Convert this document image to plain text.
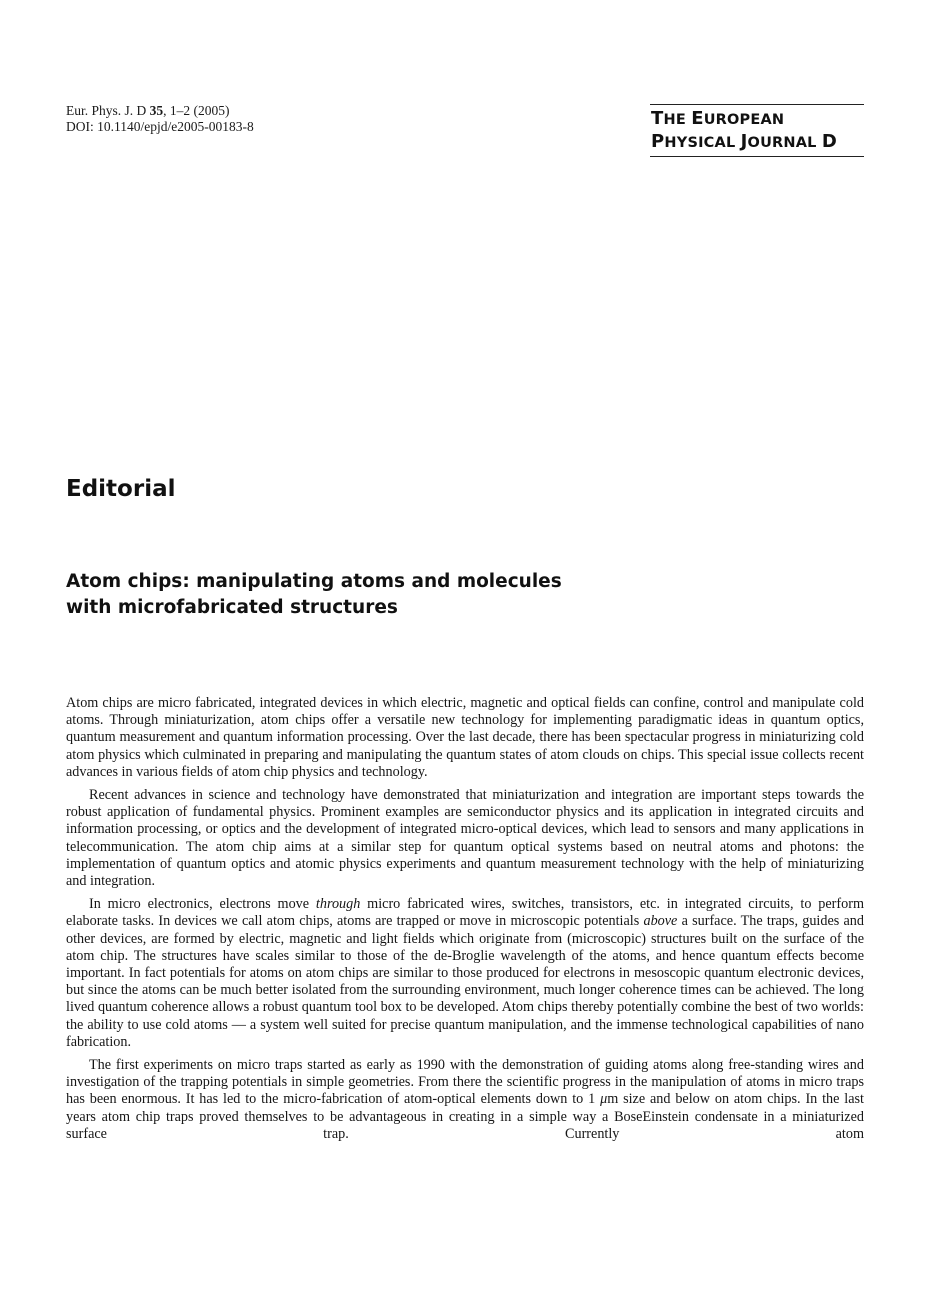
Eur. Phys. J. D 35, 1–2 (2005)
DOI: 10.1140/epjd/e2005-00183-8	THE EUROPEAN
PHYSICAL JOURNAL D
Editorial
Atom chips: manipulating atoms and molecules
with microfabricated structures

Atom chips are micro fabricated, integrated devices in which electric, magnetic and optical fields can confine, control and manipulate cold atoms. Through miniaturization, atom chips offer a versatile new technology for implementing paradigmatic ideas in quantum optics, quantum measurement and quantum information processing. Over the last decade, there has been spectacular progress in miniaturizing cold atom physics which culminated in preparing and manipulating the quantum states of atom clouds on chips. This special issue collects recent advances in various fields of atom chip physics and technology.

Recent advances in science and technology have demonstrated that miniaturization and integration are important steps towards the robust application of fundamental physics. Prominent examples are semiconductor physics and its application in integrated circuits and information processing, or optics and the development of integrated micro-optical devices, which lead to sensors and many applications in telecommunication. The atom chip aims at a similar step for quantum optical systems based on neutral atoms and photons: the implementation of quantum optics and atomic physics experiments and quantum measurement technology with the help of miniaturizing and integration.

In micro electronics, electrons move through micro fabricated wires, switches, transistors, etc. in integrated circuits, to perform elaborate tasks. In devices we call atom chips, atoms are trapped or move in microscopic potentials above a surface. The traps, guides and other devices, are formed by electric, magnetic and light fields which originate from (microscopic) structures built on the surface of the atom chip. The structures have scales similar to those of the de-Broglie wavelength of the atoms, and hence quantum effects become important. In fact potentials for atoms on atom chips are similar to those produced for electrons in mesoscopic quantum electronic devices, but since the atoms can be much better isolated from the surrounding environment, much longer coherence times can be achieved. The long lived quantum coherence allows a robust quantum tool box to be developed. Atom chips thereby potentially combine the best of two worlds: the ability to use cold atoms — a system well suited for precise quantum manipulation, and the immense technological capabilities of nano fabrication.

The first experiments on micro traps started as early as 1990 with the demonstration of guiding atoms along free-standing wires and investigation of the trapping potentials in simple geometries. From there the scientific progress in the manipulation of atoms in micro traps has been enormous. It has led to the micro-fabrication of atom-optical elements down to 1 μm size and below on atom chips. In the last years atom chip traps proved themselves to be advantageous in creating in a simple way a BoseEinstein condensate in a miniaturized surface trap. Currently atom
